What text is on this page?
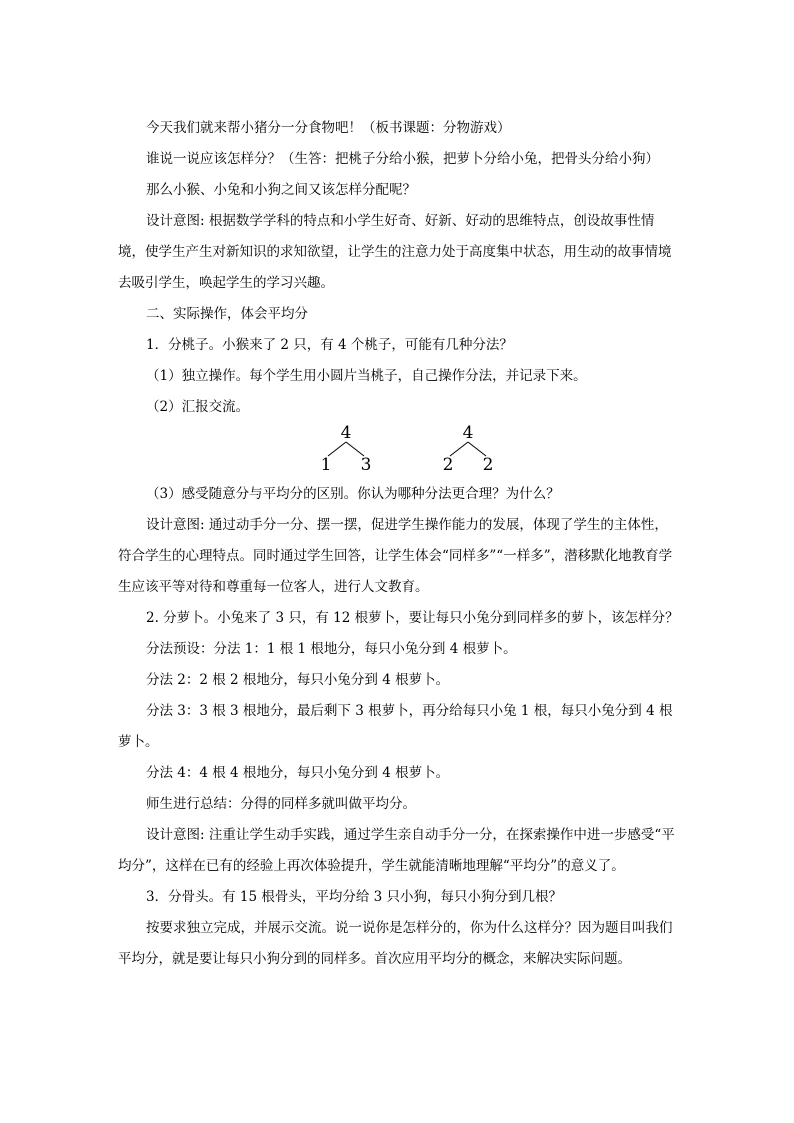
今天我们就来帮小猪分一分食物吧！（板书课题：分物游戏）

谁说一说应该怎样分？（生答：把桃子分给小猴，把萝卜分给小兔，把骨头分给小狗）

那么小猴、小兔和小狗之间又该怎样分配呢？

设计意图: 根据数学学科的特点和小学生好奇、好新、好动的思维特点，创设故事性情境，使学生产生对新知识的求知欲望，让学生的注意力处于高度集中状态，用生动的故事情境去吸引学生，唤起学生的学习兴趣。

二、实际操作，体会平均分

1．分桃子。小猴来了 2 只，有 4 个桃子，可能有几种分法？

（1）独立操作。每个学生用小圆片当桃子，自己操作分法，并记录下来。

（2）汇报交流。

4
1 3
4
2 2

（3）感受随意分与平均分的区别。你认为哪种分法更合理？为什么？

设计意图: 通过动手分一分、摆一摆，促进学生操作能力的发展，体现了学生的主体性，符合学生的心理特点。同时通过学生回答，让学生体会“同样多”“一样多”，潜移默化地教育学生应该平等对待和尊重每一位客人，进行人文教育。

2. 分萝卜。小兔来了 3 只，有 12 根萝卜，要让每只小兔分到同样多的萝卜，该怎样分？

分法预设：分法 1：1 根 1 根地分，每只小兔分到 4 根萝卜。

分法 2：2 根 2 根地分，每只小兔分到 4 根萝卜。

分法 3：3 根 3 根地分，最后剩下 3 根萝卜，再分给每只小兔 1 根，每只小兔分到 4 根萝卜。

分法 4：4 根 4 根地分，每只小兔分到 4 根萝卜。

师生进行总结：分得的同样多就叫做平均分。

设计意图: 注重让学生动手实践，通过学生亲自动手分一分，在探索操作中进一步感受“平均分”，这样在已有的经验上再次体验提升，学生就能清晰地理解“平均分”的意义了。

3．分骨头。有 15 根骨头，平均分给 3 只小狗，每只小狗分到几根？

按要求独立完成，并展示交流。说一说你是怎样分的，你为什么这样分？因为题目叫我们平均分，就是要让每只小狗分到的同样多。首次应用平均分的概念，来解决实际问题。
